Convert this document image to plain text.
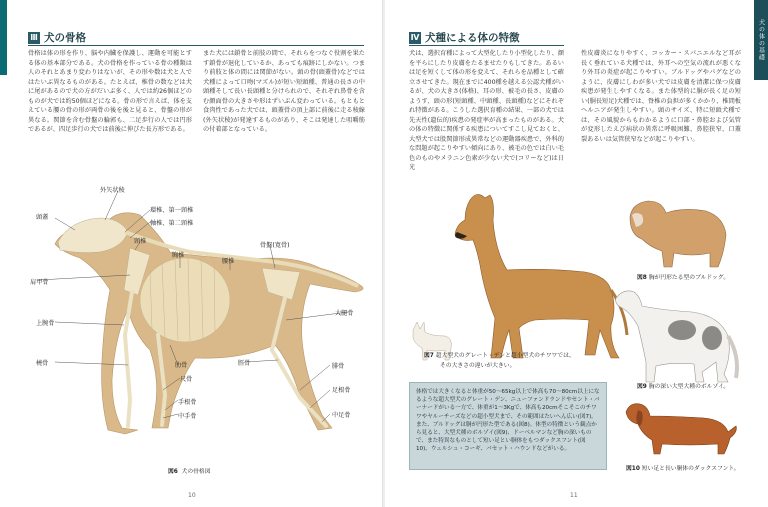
Ⅲ 犬の骨格
骨格は体の形を作り、脳や内臓を保護し、運動を可能とする体の基本部分である。犬の骨格を作っている骨の種類は人のそれとあまり変わりはないが、その形や数は犬と人ではたいぶ異なるものがある。たとえば、椎骨の数などは犬に尾があるので犬の方がだいぶ多く、人では約26個ほどのものが犬では約50個ほどになる。骨の形で言えば、体を支えている腰の骨の形が両骨の後を後と見ると、骨盤の形が異なる。関節を含む骨盤の輪郭も、二足歩行の人では円形であるが、四足歩行の犬では前後に伸びた長方形である。
また犬には鎖骨と前肢の間で、それらをつなぐ役割を果たす鎖骨が退化しているか、あっても痕跡にしかない。つまり前肢と体の間には関節がない。頭の骨(頭蓋骨)などでは犬種によって口吻(マズル)が短い短頭種、普通の長さの中頭種そして長い長頭種と分けられので、それぞれ鼻骨を含む顔面骨の大きさや形はずいぶん変わっている。もともと食肉性であった犬では、頭蓋骨の頂上部に前後に走る稜線(外矢状稜)が発達するものがあり、そこは発達した咀嚼筋の付着部となっている。
外矢状稜
頭蓋
環椎、第一頸椎
軸椎、第二頸椎
頸椎
胸椎
腰椎
骨盤(寛骨)
肩甲骨
上腕骨
大腿骨
橈骨	肋骨	脛骨	腓骨
尺骨
足根骨
手根骨
中手骨	中足骨
図6 犬の骨格図
10
犬の体の基礎
Ⅳ 犬種による体の特徴
犬は、選択育種によって大型化したり小型化したり、顔を平らにしたり皮膚をたるませたりもしてきた。あるいは足を短くして体の形を変えて、それらを品種として確立させてきた。現在までに400種を越える公認犬種がいるが、犬の大きさ(体格)、耳の形、被毛の長さ、皮膚のようす、頭の形(短頭種、中頭種、長頭種)などにそれぞれ特徴がある。こうした選択育種の結果、一部の犬では先天性(遺伝的)疾患の発症率が高まったものがある。犬の体の特徴に関係する疾患についてすこし見ておくと、大型犬では股関節形成異常などの運動器疾患で、外科的な問題が起こりやすい傾向にあり、被毛の色では白い毛色のものやメラニン色素が少ない犬で(コリーなど)は日光
性皮膚炎になりやすく、コッカー・スパニエルなど耳が長く垂れている犬種では、外耳への空気の流れが悪くなり外耳の炎症が起こりやすい。ブルドッグやパグなどのように、皮膚にしわが多い犬では皮膚を清潔に保つ皮膚疾患が発生しやすくなる。また体型的に胴が長く足の短い(胴長短足)犬種では、脊椎の負担が多くかかり、椎間板ヘルニアが発生しやすい。頭のサイズ、特に短頭犬種では、その風貌からもわかるように口部・鼻腔および気管が変形したえび病状の異常に呼吸困難、鼻腔狭窄、口蓋裂あるいは気管狭窄などが起こりやすい。
図7 超大型犬のグレート・デンと超小型犬のチワワでは、
その大きさの違いが大きい。
図8 胸が円形たる型のブルドッグ。
図9 胸の深い大型大種のボルゾイ。
図10 短い足と長い胴体のダックスフント。
体格では大きくなると体重が50〜65kg以上で体高も70〜80cm以上になるような超大型犬のグレート・デン、ニューファンドランドやセント・バーナードがいる一方で、体重が1〜3Kgで、体高も20cmそこそこのチワワやヤルーチーズなどの超小型犬まで、その範囲はたいへん広い(図7)。また、ブルドッグは胴が円形た型である(図8)。体型の特徴という観点から見ると、大型犬種のボルゾイ(図9)、ドーベルマンなど胸の深いもので、また特異なものとして短い足とい胴体をもつダックスフント(図10)、ウェルシュ・コーギ、バセット・ハウンドなどがいる。
11
